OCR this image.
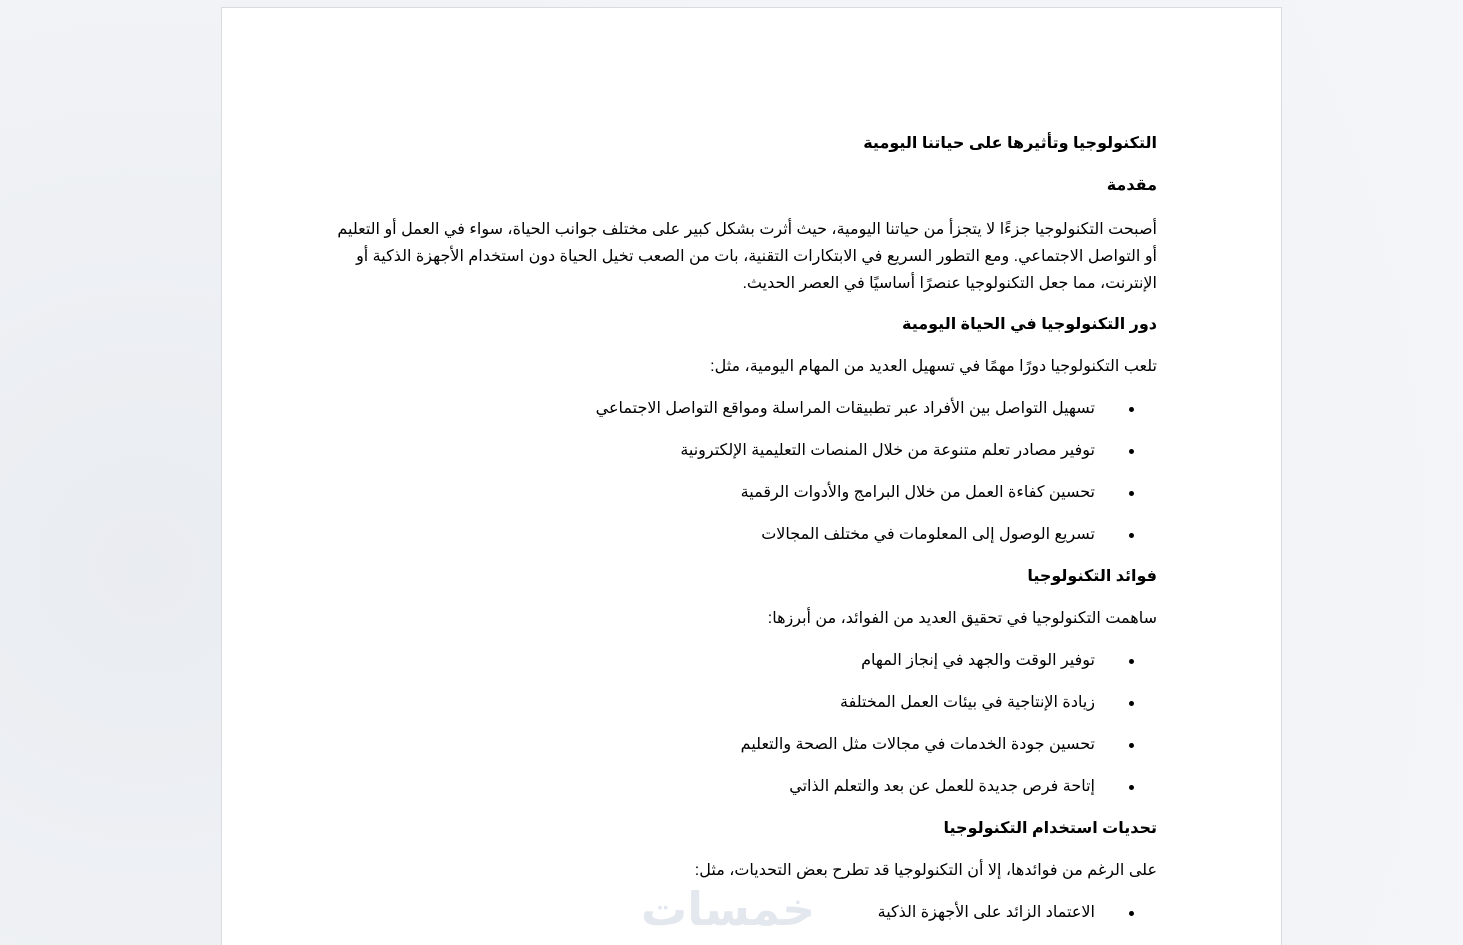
التكنولوجيا وتأثيرها على حياتنا اليومية
مقدمة
أصبحت التكنولوجيا جزءًا لا يتجزأ من حياتنا اليومية، حيث أثرت بشكل كبير على مختلف جوانب الحياة، سواء في العمل أو التعليم أو التواصل الاجتماعي. ومع التطور السريع في الابتكارات التقنية، بات من الصعب تخيل الحياة دون استخدام الأجهزة الذكية أو الإنترنت، مما جعل التكنولوجيا عنصرًا أساسيًا في العصر الحديث.
دور التكنولوجيا في الحياة اليومية
تلعب التكنولوجيا دورًا مهمًا في تسهيل العديد من المهام اليومية، مثل:
تسهيل التواصل بين الأفراد عبر تطبيقات المراسلة ومواقع التواصل الاجتماعي
توفير مصادر تعلم متنوعة من خلال المنصات التعليمية الإلكترونية
تحسين كفاءة العمل من خلال البرامج والأدوات الرقمية
تسريع الوصول إلى المعلومات في مختلف المجالات
فوائد التكنولوجيا
ساهمت التكنولوجيا في تحقيق العديد من الفوائد، من أبرزها:
توفير الوقت والجهد في إنجاز المهام
زيادة الإنتاجية في بيئات العمل المختلفة
تحسين جودة الخدمات في مجالات مثل الصحة والتعليم
إتاحة فرص جديدة للعمل عن بعد والتعلم الذاتي
تحديات استخدام التكنولوجيا
على الرغم من فوائدها، إلا أن التكنولوجيا قد تطرح بعض التحديات، مثل:
الاعتماد الزائد على الأجهزة الذكية
خمسات
